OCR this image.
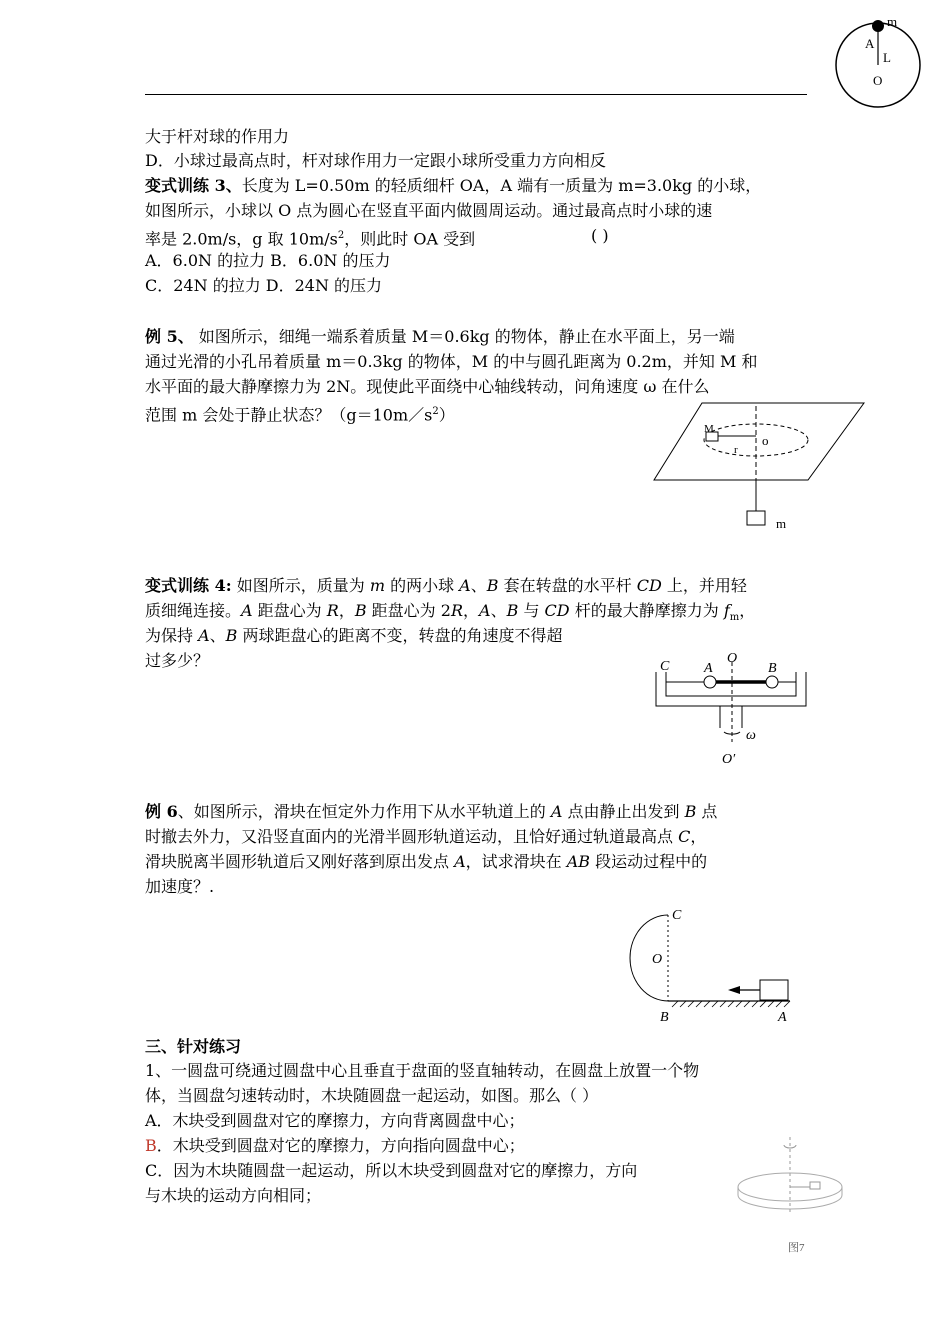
m
A
L
O
大于杆对球的作用力
D．小球过最高点时，杆对球作用力一定跟小球所受重力方向相反
变式训练 3、长度为 L=0.50m 的轻质细杆 OA，A 端有一质量为 m=3.0kg 的小球，
如图所示，小球以 O 点为圆心在竖直平面内做圆周运动。通过最高点时小球的速
率是 2.0m/s，g 取 $10m/s^2$，则此时 OA 受到	( )
A．6.0N 的拉力 B．6.0N 的压力
C．24N 的拉力 D．24N 的压力
例 5、 如图所示，细绳一端系着质量 M＝0.6kg 的物体，静止在水平面上，另一端
通过光滑的小孔吊着质量 m＝0.3kg 的物体，M 的中与圆孔距离为 0.2m，并知 M 和
水平面的最大静摩擦力为 2N。现使此平面绕中心轴线转动，问角速度 ω 在什么
范围 m 会处于静止状态？$(g=10m/s^2)$
M
o
r
m
变式训练 4: 如图所示，质量为 m 的两小球 A、B 套在转盘的水平杆 CD 上，并用轻
质细绳连接。A 距盘心为 R，B 距盘心为 2R，A、B 与 CD 杆的最大静摩擦力为 $f_m$，
为保持 A、B 两球距盘心的距离不变，转盘的角速度不得超
过多少？	C A
O
B
ω
O′
例 6、如图所示，滑块在恒定外力作用下从水平轨道上的 A 点由静止出发到 B 点
时撤去外力，又沿竖直面内的光滑半圆形轨道运动，且恰好通过轨道最高点 C，
滑块脱离半圆形轨道后又刚好落到原出发点 A，试求滑块在 AB 段运动过程中的
加速度？.
C
O
B	A
三、针对练习
1、一圆盘可绕通过圆盘中心且垂直于盘面的竖直轴转动，在圆盘上放置一个物
体，当圆盘匀速转动时，木块随圆盘一起运动，如图。那么（ ）
A．木块受到圆盘对它的摩擦力，方向背离圆盘中心；
B．木块受到圆盘对它的摩擦力，方向指向圆盘中心；
C．因为木块随圆盘一起运动，所以木块受到圆盘对它的摩擦力，方向
与木块的运动方向相同；
图7
